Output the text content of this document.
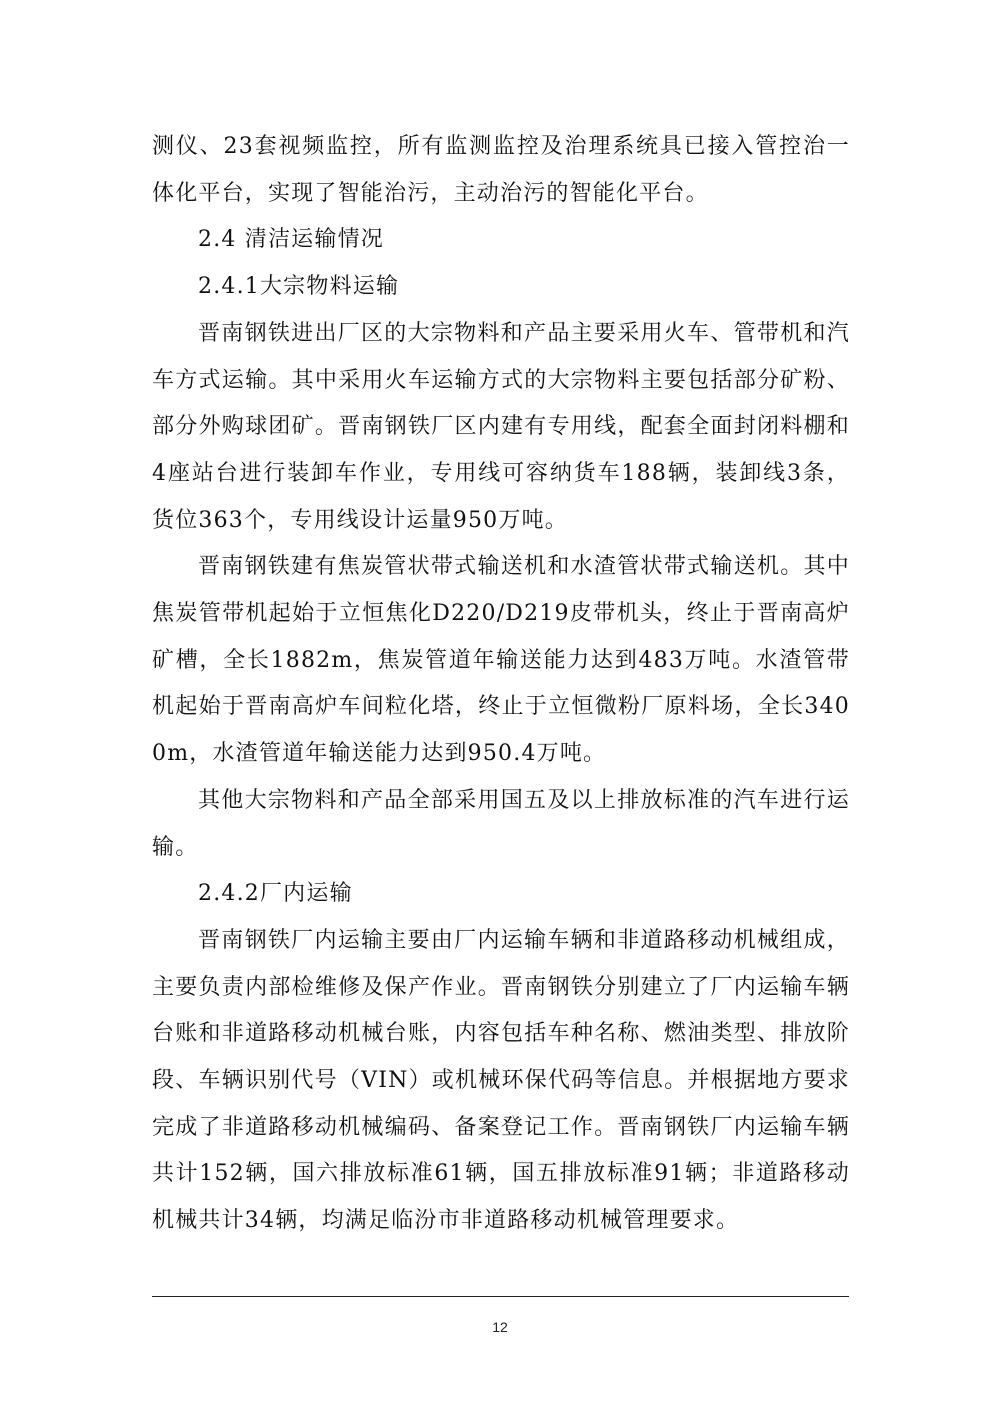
测仪、23套视频监控，所有监测监控及治理系统具已接入管控治一体化平台，实现了智能治污，主动治污的智能化平台。

2.4 清洁运输情况

2.4.1大宗物料运输

晋南钢铁进出厂区的大宗物料和产品主要采用火车、管带机和汽车方式运输。其中采用火车运输方式的大宗物料主要包括部分矿粉、部分外购球团矿。晋南钢铁厂区内建有专用线，配套全面封闭料棚和4座站台进行装卸车作业，专用线可容纳货车188辆，装卸线3条，货位363个，专用线设计运量950万吨。

晋南钢铁建有焦炭管状带式输送机和水渣管状带式输送机。其中焦炭管带机起始于立恒焦化D220/D219皮带机头，终止于晋南高炉矿槽，全长1882m，焦炭管道年输送能力达到483万吨。水渣管带机起始于晋南高炉车间粒化塔，终止于立恒微粉厂原料场，全长3400m，水渣管道年输送能力达到950.4万吨。

其他大宗物料和产品全部采用国五及以上排放标准的汽车进行运输。

2.4.2厂内运输

晋南钢铁厂内运输主要由厂内运输车辆和非道路移动机械组成，主要负责内部检维修及保产作业。晋南钢铁分别建立了厂内运输车辆台账和非道路移动机械台账，内容包括车种名称、燃油类型、排放阶段、车辆识别代号（VIN）或机械环保代码等信息。并根据地方要求完成了非道路移动机械编码、备案登记工作。晋南钢铁厂内运输车辆共计152辆，国六排放标准61辆，国五排放标准91辆；非道路移动机械共计34辆，均满足临汾市非道路移动机械管理要求。

12
